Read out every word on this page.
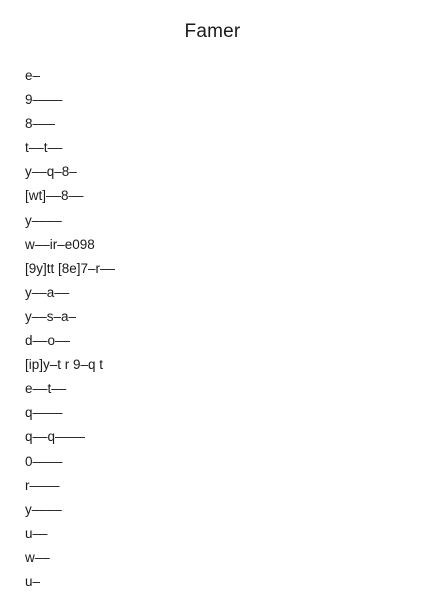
Famer
e–
9––––
8–––
t––t––
y––q–8–
[wt]––8––
y––––
w––ir–e098
[9y]tt [8e]7–r––
y––a––
y––s–a–
d––o––
[ip]y–t r 9–q t
e––t––
q––––
q––q––––
0––––
r––––
y––––
u––
w––
u–
